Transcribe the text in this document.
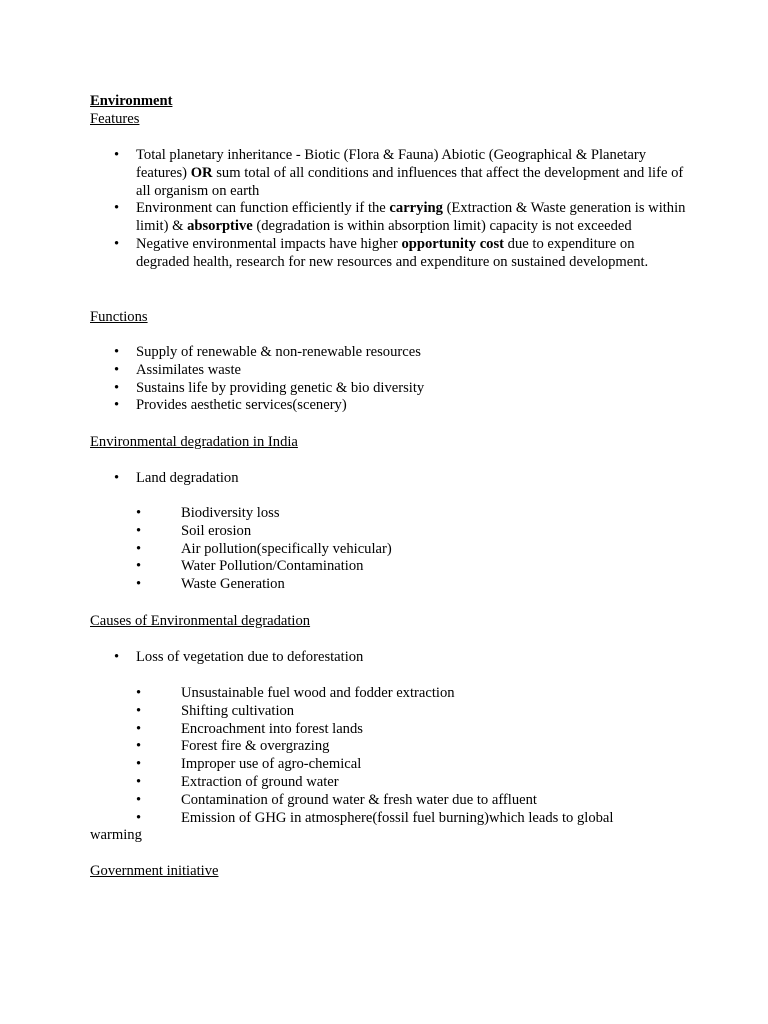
Environment
Features
• Total planetary inheritance - Biotic (Flora & Fauna) Abiotic (Geographical & Planetary features) OR sum total of all conditions and influences that affect the development and life of all organism on earth
• Environment can function efficiently if the carrying (Extraction & Waste generation is within limit) & absorptive (degradation is within absorption limit) capacity is not exceeded
• Negative environmental impacts have higher opportunity cost due to expenditure on degraded health, research for new resources and expenditure on sustained development.
Functions
• Supply of renewable & non-renewable resources
• Assimilates waste
• Sustains life by providing genetic & bio diversity
• Provides aesthetic services(scenery)
Environmental degradation in India
• Land degradation
• Biodiversity loss
• Soil erosion
• Air pollution(specifically vehicular)
• Water Pollution/Contamination
• Waste Generation
Causes of Environmental degradation
• Loss of vegetation due to deforestation
• Unsustainable fuel wood and fodder extraction
• Shifting cultivation
• Encroachment into forest lands
• Forest fire & overgrazing
• Improper use of agro-chemical
• Extraction of ground water
• Contamination of ground water & fresh water due to affluent
•	Emission of GHG in atmosphere(fossil fuel burning)which leads to global
warming
Government initiative
